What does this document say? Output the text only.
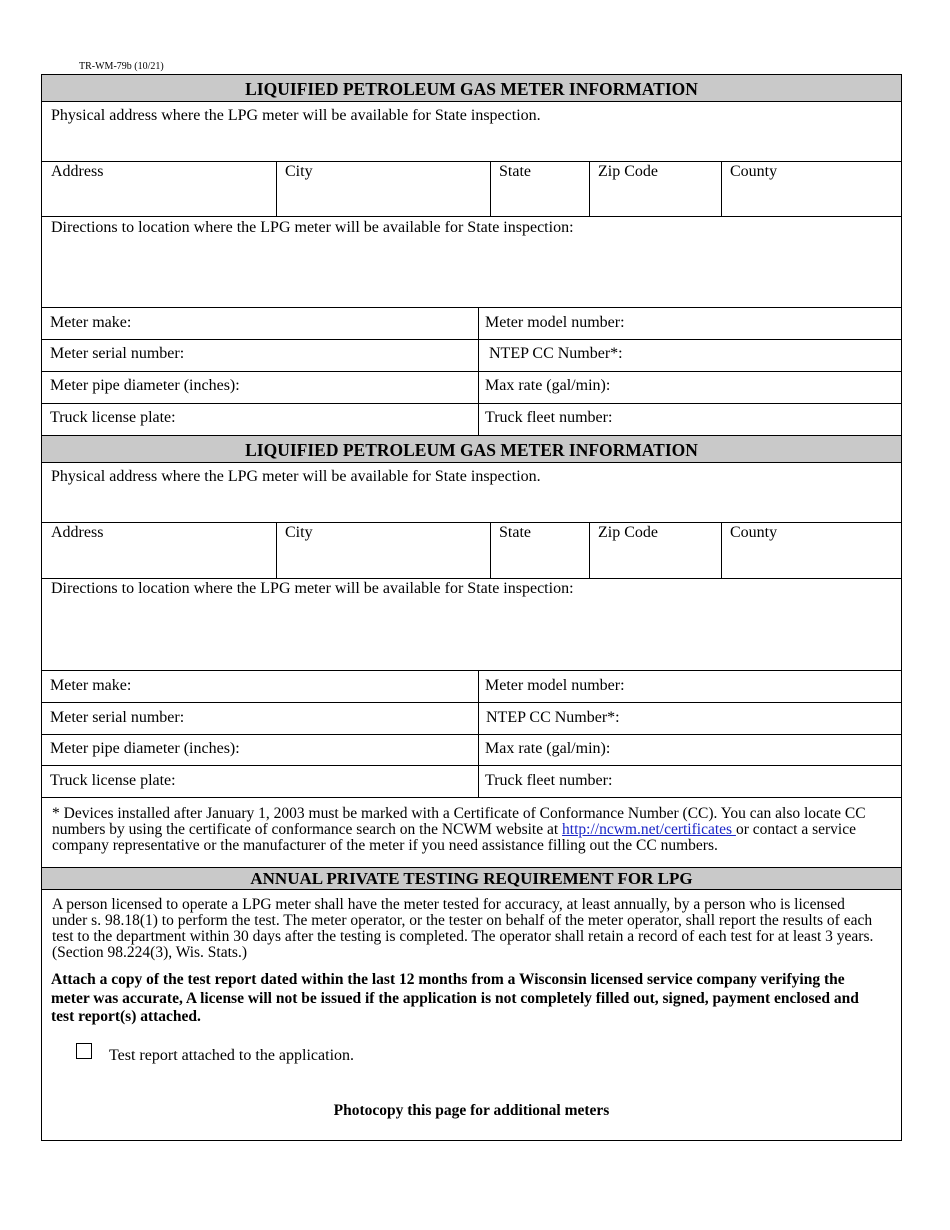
TR-WM-79b (10/21)
LIQUIFIED PETROLEUM GAS METER INFORMATION
Physical address where the LPG meter will be available for State inspection.
Address	City	State	Zip Code	County
Directions to location where the LPG meter will be available for State inspection:
Meter make:	Meter model number:
Meter serial number:	NTEP CC Number*:
Meter pipe diameter (inches):	Max rate (gal/min):
Truck license plate:	Truck fleet number:
LIQUIFIED PETROLEUM GAS METER INFORMATION
Physical address where the LPG meter will be available for State inspection.
Address	City	State	Zip Code	County
Directions to location where the LPG meter will be available for State inspection:
Meter make:	Meter model number:
Meter serial number:	NTEP CC Number*:
Meter pipe diameter (inches):	Max rate (gal/min):
Truck license plate:	Truck fleet number:
* Devices installed after January 1, 2003 must be marked with a Certificate of Conformance Number (CC). You can also locate CC numbers by using the certificate of conformance search on the NCWM website at http://ncwm.net/certificates or contact a service company representative or the manufacturer of the meter if you need assistance filling out the CC numbers.
ANNUAL PRIVATE TESTING REQUIREMENT FOR LPG
A person licensed to operate a LPG meter shall have the meter tested for accuracy, at least annually, by a person who is licensed under s. 98.18(1) to perform the test. The meter operator, or the tester on behalf of the meter operator, shall report the results of each test to the department within 30 days after the testing is completed. The operator shall retain a record of each test for at least 3 years. (Section 98.224(3), Wis. Stats.)
Attach a copy of the test report dated within the last 12 months from a Wisconsin licensed service company verifying the meter was accurate, A license will not be issued if the application is not completely filled out, signed, payment enclosed and test report(s) attached.
Test report attached to the application.
Photocopy this page for additional meters
